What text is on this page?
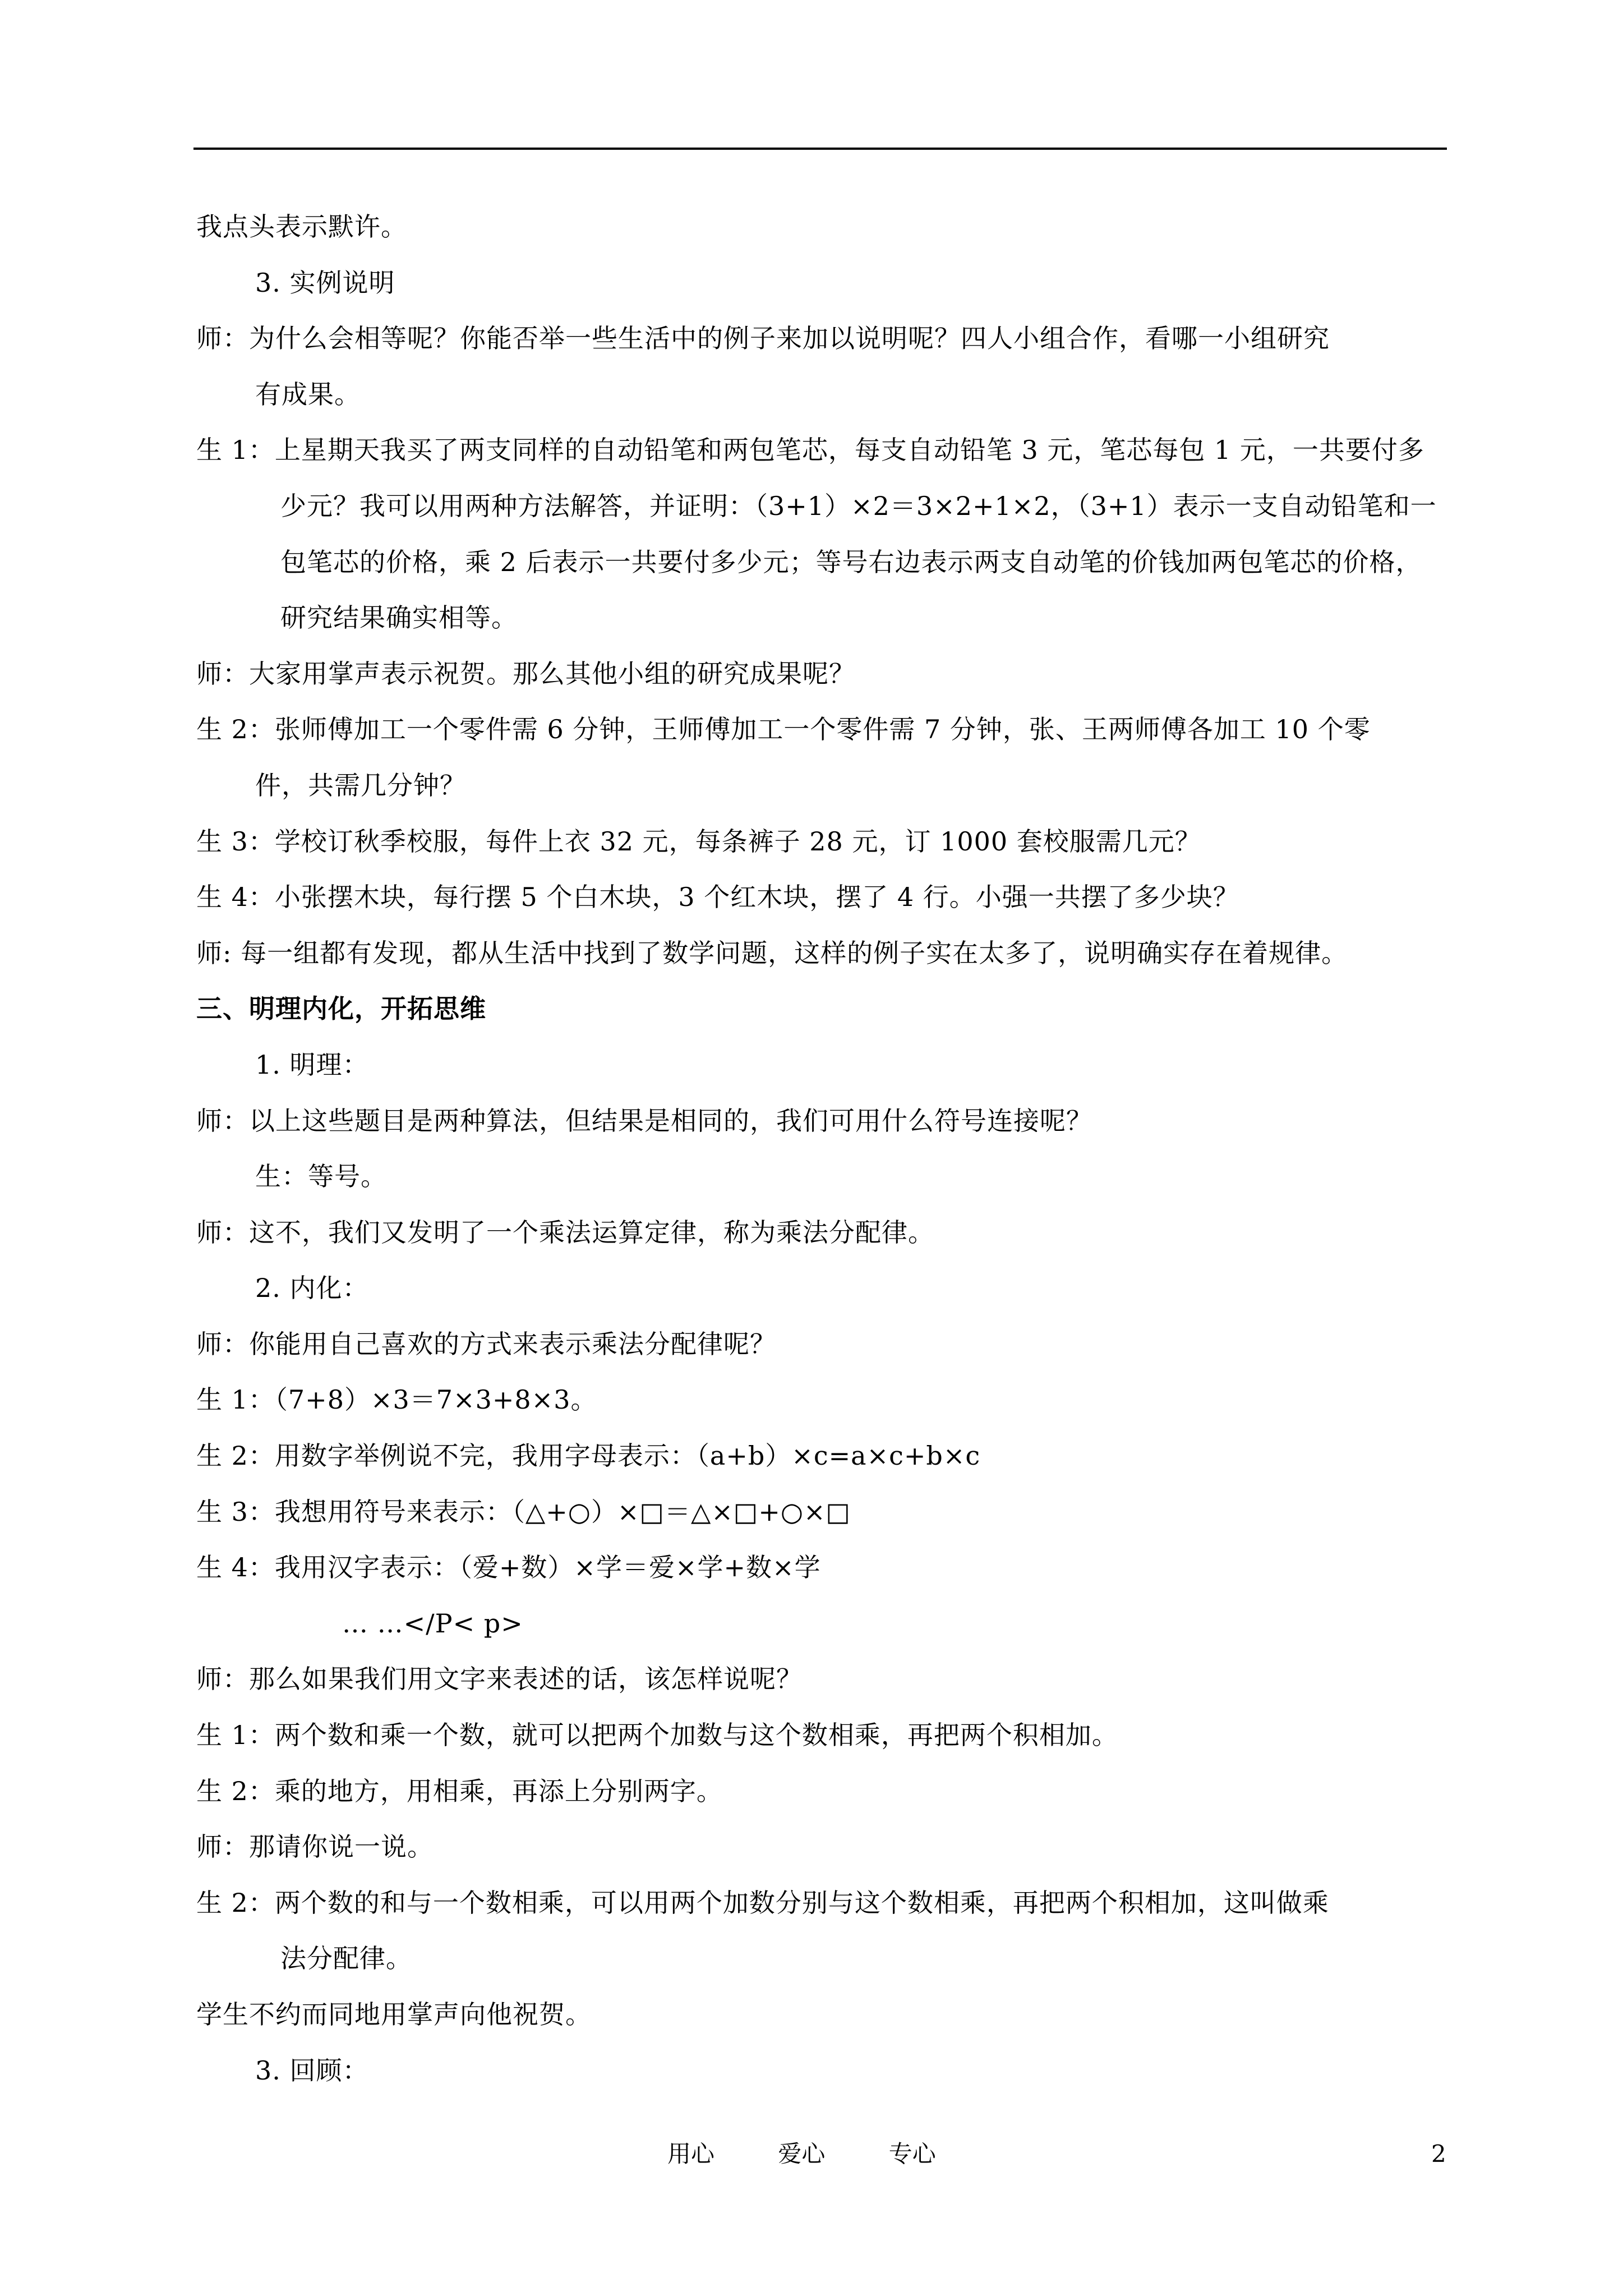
我点头表示默许。
3. 实例说明
师：为什么会相等呢？你能否举一些生活中的例子来加以说明呢？四人小组合作，看哪一小组研究
有成果。
生 1：上星期天我买了两支同样的自动铅笔和两包笔芯，每支自动铅笔 3 元，笔芯每包 1 元，一共要付多
少元？我可以用两种方法解答，并证明：（3+1）×2＝3×2+1×2，（3+1）表示一支自动铅笔和一
包笔芯的价格，乘 2 后表示一共要付多少元；等号右边表示两支自动笔的价钱加两包笔芯的价格，
研究结果确实相等。
师：大家用掌声表示祝贺。那么其他小组的研究成果呢？
生 2：张师傅加工一个零件需 6 分钟，王师傅加工一个零件需 7 分钟，张、王两师傅各加工 10 个零
件，共需几分钟？
生 3：学校订秋季校服，每件上衣 32 元，每条裤子 28 元，订 1000 套校服需几元？
生 4：小张摆木块，每行摆 5 个白木块，3 个红木块，摆了 4 行。小强一共摆了多少块？
师: 每一组都有发现，都从生活中找到了数学问题，这样的例子实在太多了，说明确实存在着规律。
三、明理内化，开拓思维
1. 明理：
师：以上这些题目是两种算法，但结果是相同的，我们可用什么符号连接呢？
生：等号。
师：这不，我们又发明了一个乘法运算定律，称为乘法分配律。
2. 内化：
师：你能用自己喜欢的方式来表示乘法分配律呢？
生 1：（7+8）×3＝7×3+8×3。
生 2：用数字举例说不完，我用字母表示：（a+b）×c=a×c+b×c
生 3：我想用符号来表示：（△+○）×□＝△×□+○×□
生 4：我用汉字表示：（爱+数）×学＝爱×学+数×学
… …</P< p>
师：那么如果我们用文字来表述的话，该怎样说呢？
生 1：两个数和乘一个数，就可以把两个加数与这个数相乘，再把两个积相加。
生 2：乘的地方，用相乘，再添上分别两字。
师：那请你说一说。
生 2：两个数的和与一个数相乘，可以用两个加数分别与这个数相乘，再把两个积相加，这叫做乘
法分配律。
学生不约而同地用掌声向他祝贺。
3. 回顾：
用心	爱心	专心	2
